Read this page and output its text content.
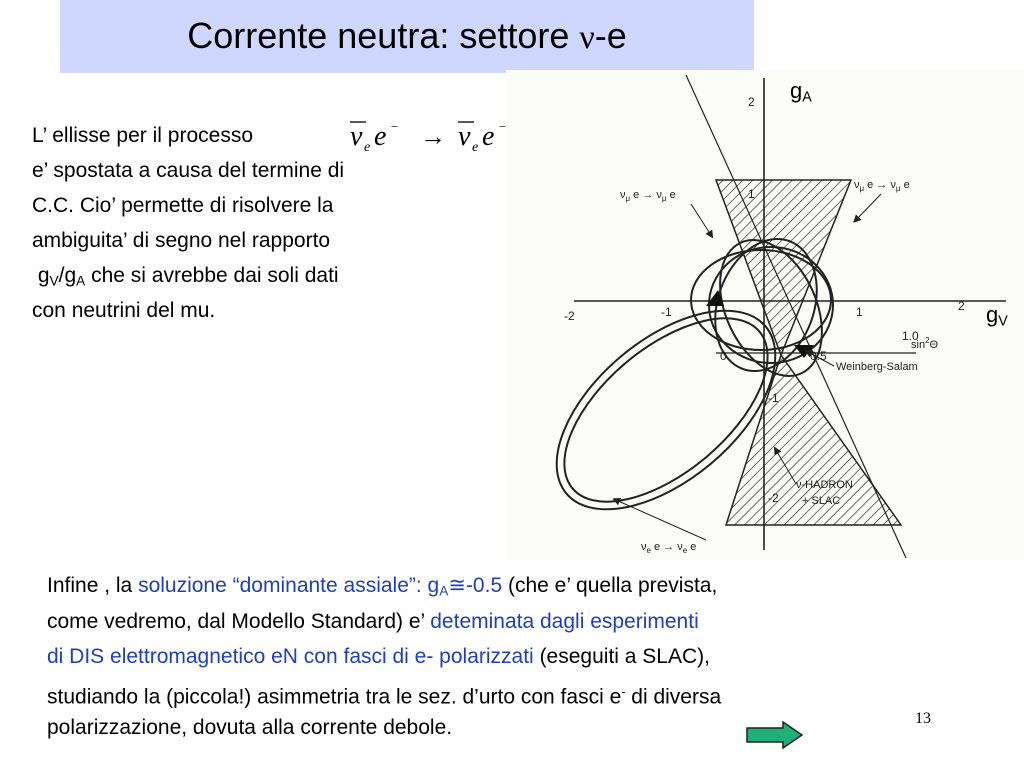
Corrente neutra: settore ν-e
L’ ellisse per il processo
e’ spostata a causa del termine di
C.C. Cio’ permette di risolvere la
ambiguita’ di segno nel rapporto
$g_V/g_A$ che si avrebbe dai soli dati
con neutrini del mu.
ν e e − → ν e e −
2
1
-2	-1	1	2
-1
-2
0	0.5
1.0
$\sin^2\Theta$
$\nu_\mu$ $e \to \nu_\mu$ e
$\nu_\mu$ $e \to \nu_\mu$ e
$\nu_e$ $e \to \nu_e$ e
Weinberg-Salam
ν-HADRON
+ SLAC
$g_A$
$g_V$
Infine , la soluzione “dominante assiale”: $g_A≅-0.5$ (che e’ quella prevista,
come vedremo, dal Modello Standard) e’ deteminata dagli esperimenti
di DIS elettromagnetico eN con fasci di e- polarizzati (eseguiti a SLAC),
studiando la (piccola!) asimmetria tra le sez. d’urto con fasci e- di diversa
polarizzazione, dovuta alla corrente debole.	13
